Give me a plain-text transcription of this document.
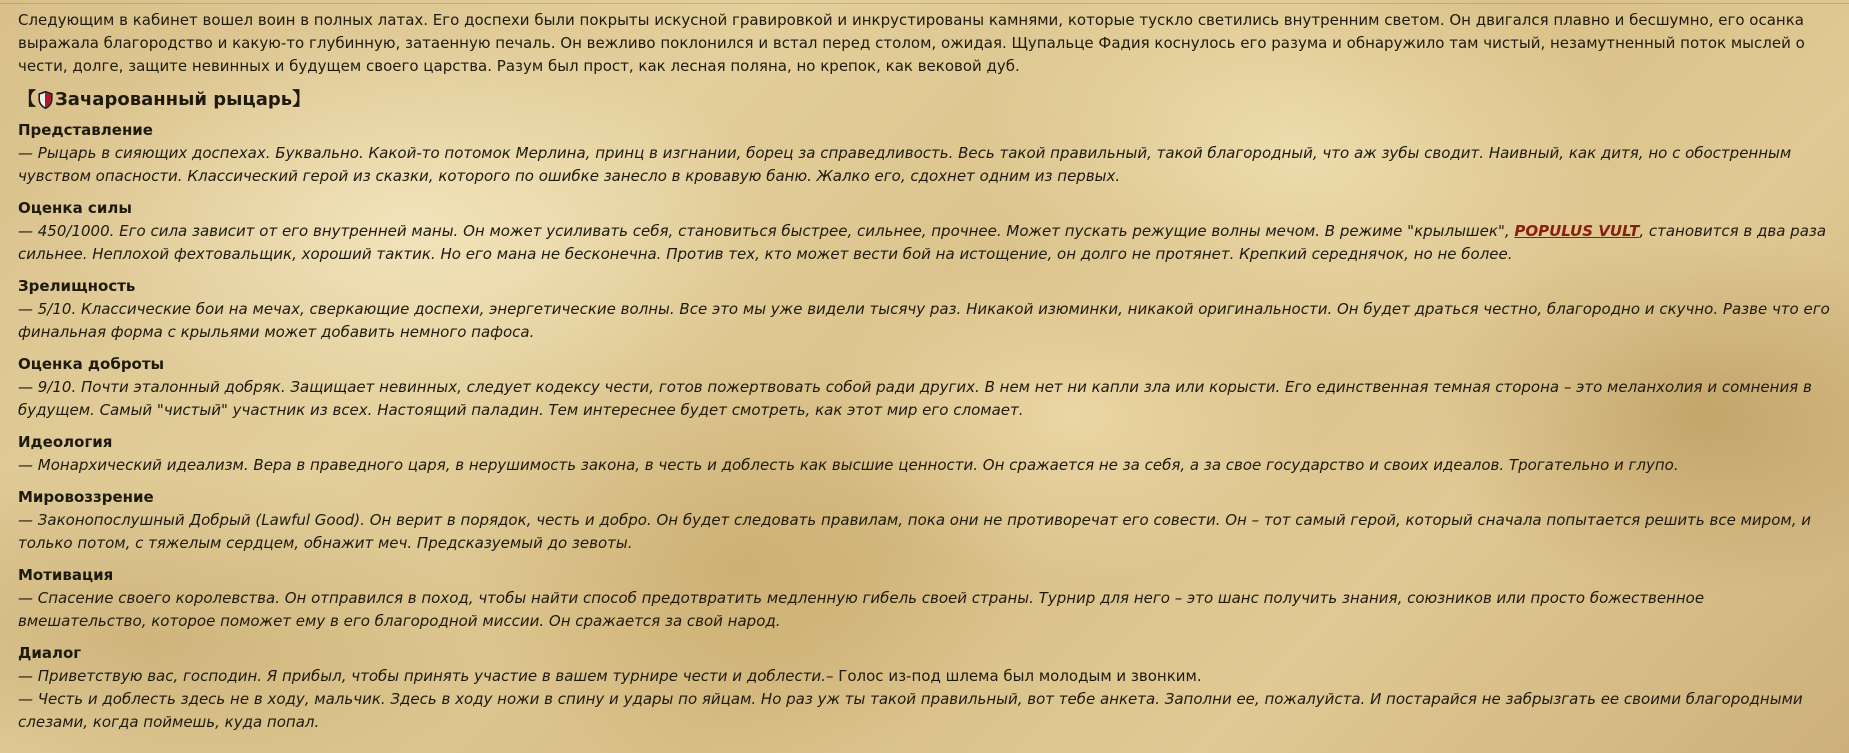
Следующим в кабинет вошел воин в полных латах. Его доспехи были покрыты искусной гравировкой и инкрустированы камнями, которые тускло светились внутренним светом. Он двигался плавно и бесшумно, его осанка выражала благородство и какую-то глубинную, затаенную печаль. Он вежливо поклонился и встал перед столом, ожидая. Щупальце Фадия коснулось его разума и обнаружило там чистый, незамутненный поток мыслей о чести, долге, защите невинных и будущем своего царства. Разум был прост, как лесная поляна, но крепок, как вековой дуб.

【 Зачарованный рыцарь 】

Представление

— Рыцарь в сияющих доспехах. Буквально. Какой-то потомок Мерлина, принц в изгнании, борец за справедливость. Весь такой правильный, такой благородный, что аж зубы сводит. Наивный, как дитя, но с обостренным чувством опасности. Классический герой из сказки, которого по ошибке занесло в кровавую баню. Жалко его, сдохнет одним из первых.

Оценка силы

— 450/1000. Его сила зависит от его внутренней маны. Он может усиливать себя, становиться быстрее, сильнее, прочнее. Может пускать режущие волны мечом. В режиме "крылышек", POPULUS VULT, становится в два раза сильнее. Неплохой фехтовальщик, хороший тактик. Но его мана не бесконечна. Против тех, кто может вести бой на истощение, он долго не протянет. Крепкий середнячок, но не более.

Зрелищность

— 5/10. Классические бои на мечах, сверкающие доспехи, энергетические волны. Все это мы уже видели тысячу раз. Никакой изюминки, никакой оригинальности. Он будет драться честно, благородно и скучно. Разве что его финальная форма с крыльями может добавить немного пафоса.

Оценка доброты

— 9/10. Почти эталонный добряк. Защищает невинных, следует кодексу чести, готов пожертвовать собой ради других. В нем нет ни капли зла или корысти. Его единственная темная сторона – это меланхолия и сомнения в будущем. Самый "чистый" участник из всех. Настоящий паладин. Тем интереснее будет смотреть, как этот мир его сломает.

Идеология

— Монархический идеализм. Вера в праведного царя, в нерушимость закона, в честь и доблесть как высшие ценности. Он сражается не за себя, а за свое государство и своих идеалов. Трогательно и глупо.

Мировоззрение

— Законопослушный Добрый (Lawful Good). Он верит в порядок, честь и добро. Он будет следовать правилам, пока они не противоречат его совести. Он – тот самый герой, который сначала попытается решить все миром, и только потом, с тяжелым сердцем, обнажит меч. Предсказуемый до зевоты.

Мотивация

— Спасение своего королевства. Он отправился в поход, чтобы найти способ предотвратить медленную гибель своей страны. Турнир для него – это шанс получить знания, союзников или просто божественное вмешательство, которое поможет ему в его благородной миссии. Он сражается за свой народ.

Диалог

— Приветствую вас, господин. Я прибыл, чтобы принять участие в вашем турнире чести и доблести.– Голос из-под шлема был молодым и звонким.

— Честь и доблесть здесь не в ходу, мальчик. Здесь в ходу ножи в спину и удары по яйцам. Но раз уж ты такой правильный, вот тебе анкета. Заполни ее, пожалуйста. И постарайся не забрызгать ее своими благородными слезами, когда поймешь, куда попал.
